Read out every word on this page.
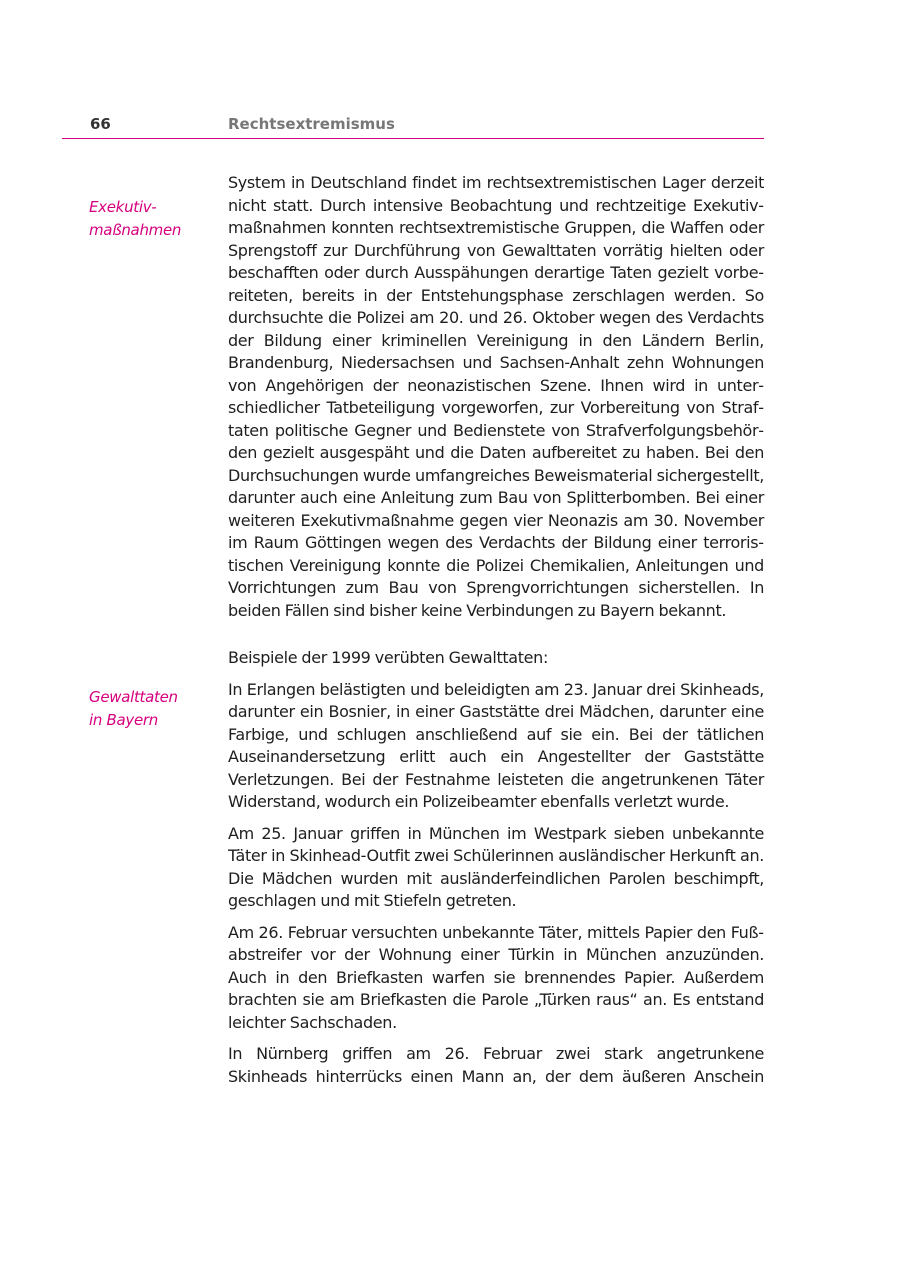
66	Rechtsextremismus
Exekutiv-
maßnahmen
Gewalttaten
in Bayern

System in Deutschland findet im rechtsextremistischen Lager derzeit nicht statt. Durch intensive Beobachtung und rechtzeitige Exekutivmaßnahmen konnten rechtsextremistische Gruppen, die Waffen oder Sprengstoff zur Durchführung von Gewalttaten vorrätig hielten oder beschafften oder durch Ausspähungen derartige Taten gezielt vorbereiteten, bereits in der Entstehungsphase zerschlagen werden. So durchsuchte die Polizei am 20. und 26. Oktober wegen des Verdachts der Bildung einer kriminellen Vereinigung in den Ländern Berlin, Brandenburg, Niedersachsen und Sachsen-Anhalt zehn Wohnungen von Angehörigen der neonazistischen Szene. Ihnen wird in unterschiedlicher Tatbeteiligung vorgeworfen, zur Vorbereitung von Straftaten politische Gegner und Bedienstete von Strafverfolgungsbehörden gezielt ausgespäht und die Daten aufbereitet zu haben. Bei den Durchsuchungen wurde umfangreiches Beweismaterial sichergestellt, darunter auch eine Anleitung zum Bau von Splitterbomben. Bei einer weiteren Exekutivmaßnahme gegen vier Neonazis am 30. November im Raum Göttingen wegen des Verdachts der Bildung einer terroristischen Vereinigung konnte die Polizei Chemikalien, Anleitungen und Vorrichtungen zum Bau von Sprengvorrichtungen sicherstellen. In beiden Fällen sind bisher keine Verbindungen zu Bayern bekannt.

Beispiele der 1999 verübten Gewalttaten:

In Erlangen belästigten und beleidigten am 23. Januar drei Skinheads, darunter ein Bosnier, in einer Gaststätte drei Mädchen, darunter eine Farbige, und schlugen anschließend auf sie ein. Bei der tätlichen Auseinandersetzung erlitt auch ein Angestellter der Gaststätte Verletzungen. Bei der Festnahme leisteten die angetrunkenen Täter Widerstand, wodurch ein Polizeibeamter ebenfalls verletzt wurde.

Am 25. Januar griffen in München im Westpark sieben unbekannte Täter in Skinhead-Outfit zwei Schülerinnen ausländischer Herkunft an. Die Mädchen wurden mit ausländerfeindlichen Parolen beschimpft, geschlagen und mit Stiefeln getreten.

Am 26. Februar versuchten unbekannte Täter, mittels Papier den Fußabstreifer vor der Wohnung einer Türkin in München anzuzünden. Auch in den Briefkasten warfen sie brennendes Papier. Außerdem brachten sie am Briefkasten die Parole „Türken raus“ an. Es entstand leichter Sachschaden.

In Nürnberg griffen am 26. Februar zwei stark angetrunkene Skinheads hinterrücks einen Mann an, der dem äußeren Anschein
